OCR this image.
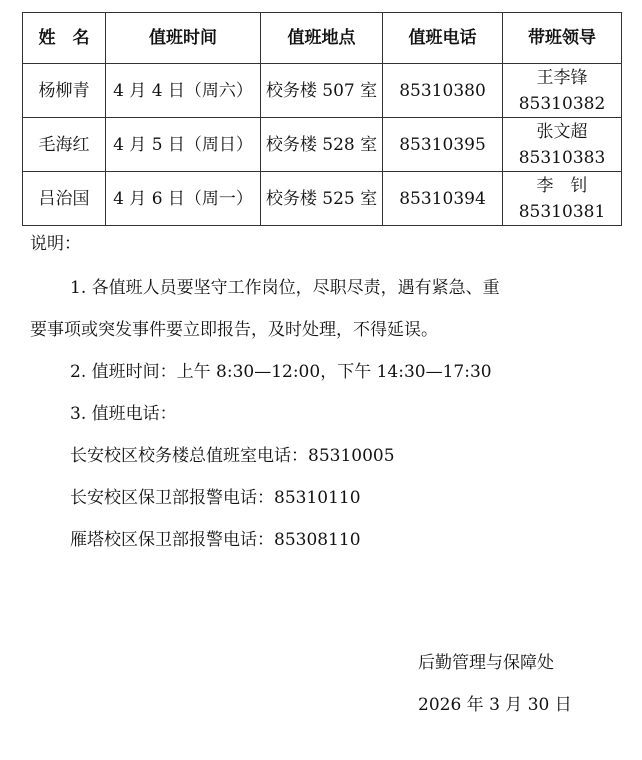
姓　名	值班时间	值班地点	值班电话	带班领导
杨柳青	4 月 4 日（周六）	校务楼 507 室	85310380	王李锋
85310382

毛海红	4 月 5 日（周日）	校务楼 528 室	85310395	张文超
85310383

吕治国	4 月 6 日（周一）	校务楼 525 室	85310394	李　钊
85310381
说明：
1. 各值班人员要坚守工作岗位，尽职尽责，遇有紧急、重
要事项或突发事件要立即报告，及时处理，不得延误。
2. 值班时间：上午 8:30—12:00，下午 14:30—17:30
3. 值班电话：
长安校区校务楼总值班室电话：85310005
长安校区保卫部报警电话：85310110
雁塔校区保卫部报警电话：85308110
后勤管理与保障处
2026 年 3 月 30 日
